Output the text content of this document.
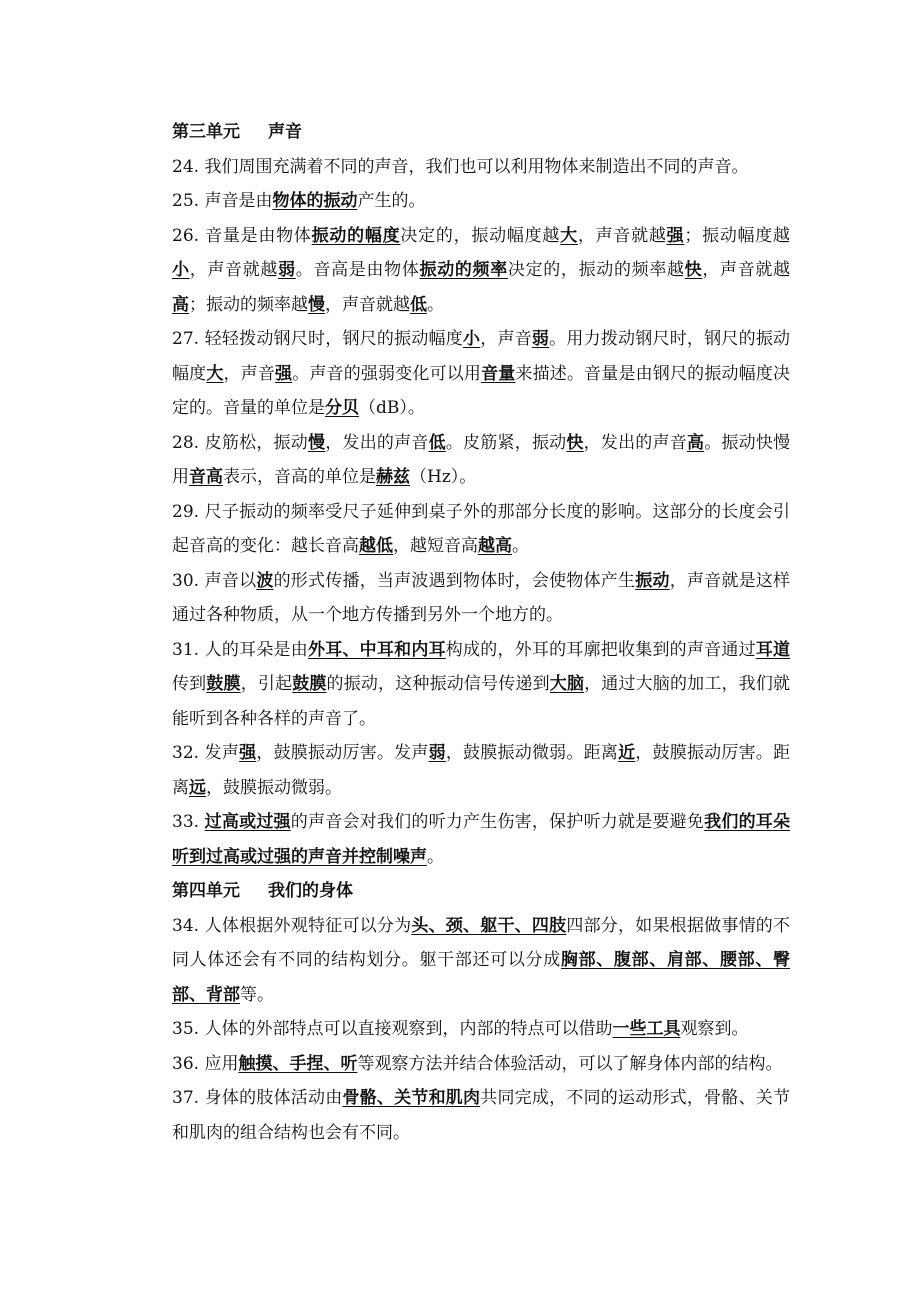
第三单元 声音
24. 我们周围充满着不同的声音，我们也可以利用物体来制造出不同的声音。
25. 声音是由物体的振动产生的。
26. 音量是由物体振动的幅度决定的，振动幅度越大，声音就越强；振动幅度越小，声音就越弱。音高是由物体振动的频率决定的，振动的频率越快，声音就越高；振动的频率越慢，声音就越低。
27. 轻轻拨动钢尺时，钢尺的振动幅度小，声音弱。用力拨动钢尺时，钢尺的振动幅度大，声音强。声音的强弱变化可以用音量来描述。音量是由钢尺的振动幅度决定的。音量的单位是分贝（dB）。
28. 皮筋松，振动慢，发出的声音低。皮筋紧，振动快，发出的声音高。振动快慢用音高表示，音高的单位是赫兹（Hz）。
29. 尺子振动的频率受尺子延伸到桌子外的那部分长度的影响。这部分的长度会引起音高的变化：越长音高越低，越短音高越高。
30. 声音以波的形式传播，当声波遇到物体时，会使物体产生振动，声音就是这样通过各种物质，从一个地方传播到另外一个地方的。
31. 人的耳朵是由外耳、中耳和内耳构成的，外耳的耳廓把收集到的声音通过耳道传到鼓膜，引起鼓膜的振动，这种振动信号传递到大脑，通过大脑的加工，我们就能听到各种各样的声音了。
32. 发声强，鼓膜振动厉害。发声弱，鼓膜振动微弱。距离近，鼓膜振动厉害。距离远，鼓膜振动微弱。
33. 过高或过强的声音会对我们的听力产生伤害，保护听力就是要避免我们的耳朵听到过高或过强的声音并控制噪声。
第四单元 我们的身体
34. 人体根据外观特征可以分为头、颈、躯干、四肢四部分，如果根据做事情的不同人体还会有不同的结构划分。躯干部还可以分成胸部、腹部、肩部、腰部、臀部、背部等。
35. 人体的外部特点可以直接观察到，内部的特点可以借助一些工具观察到。
36. 应用触摸、手捏、听等观察方法并结合体验活动，可以了解身体内部的结构。
37. 身体的肢体活动由骨骼、关节和肌肉共同完成，不同的运动形式，骨骼、关节和肌肉的组合结构也会有不同。
